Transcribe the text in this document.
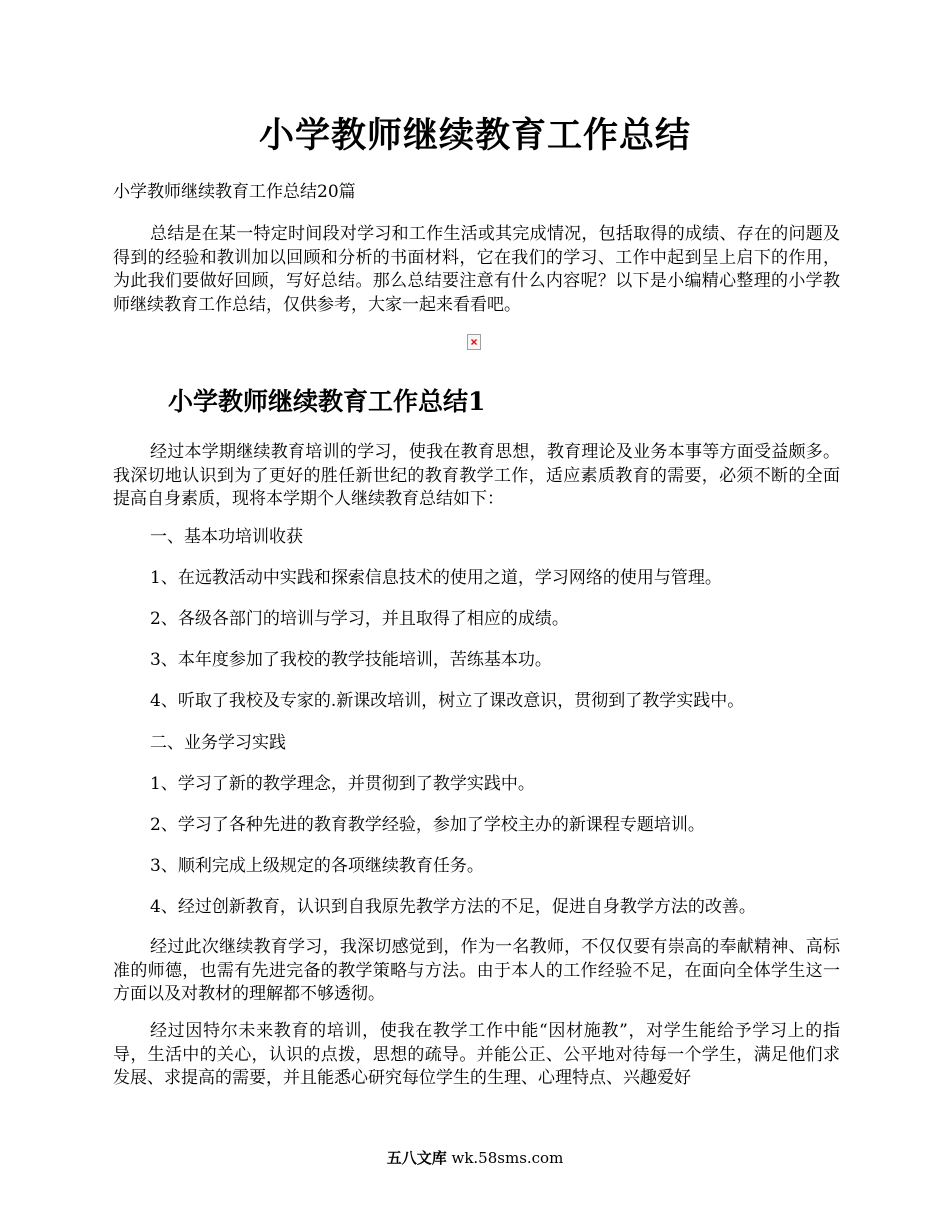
小学教师继续教育工作总结
小学教师继续教育工作总结20篇
总结是在某一特定时间段对学习和工作生活或其完成情况，包括取得的成绩、存在的问题及得到的经验和教训加以回顾和分析的书面材料，它在我们的学习、工作中起到呈上启下的作用，为此我们要做好回顾，写好总结。那么总结要注意有什么内容呢？以下是小编精心整理的小学教师继续教育工作总结，仅供参考，大家一起来看看吧。
小学教师继续教育工作总结1
经过本学期继续教育培训的学习，使我在教育思想，教育理论及业务本事等方面受益颇多。我深切地认识到为了更好的胜任新世纪的教育教学工作，适应素质教育的需要，必须不断的全面提高自身素质，现将本学期个人继续教育总结如下：
一、基本功培训收获
1、在远教活动中实践和探索信息技术的使用之道，学习网络的使用与管理。
2、各级各部门的培训与学习，并且取得了相应的成绩。
3、本年度参加了我校的教学技能培训，苦练基本功。
4、听取了我校及专家的.新课改培训，树立了课改意识，贯彻到了教学实践中。
二、业务学习实践
1、学习了新的教学理念，并贯彻到了教学实践中。
2、学习了各种先进的教育教学经验，参加了学校主办的新课程专题培训。
3、顺利完成上级规定的各项继续教育任务。
4、经过创新教育，认识到自我原先教学方法的不足，促进自身教学方法的改善。
经过此次继续教育学习，我深切感觉到，作为一名教师，不仅仅要有崇高的奉献精神、高标准的师德，也需有先进完备的教学策略与方法。由于本人的工作经验不足，在面向全体学生这一方面以及对教材的理解都不够透彻。
经过因特尔未来教育的培训，使我在教学工作中能“因材施教”，对学生能给予学习上的指导，生活中的关心，认识的点拨，思想的疏导。并能公正、公平地对待每一个学生，满足他们求发展、求提高的需要，并且能悉心研究每位学生的生理、心理特点、兴趣爱好
五八文库 wk.58sms.com
